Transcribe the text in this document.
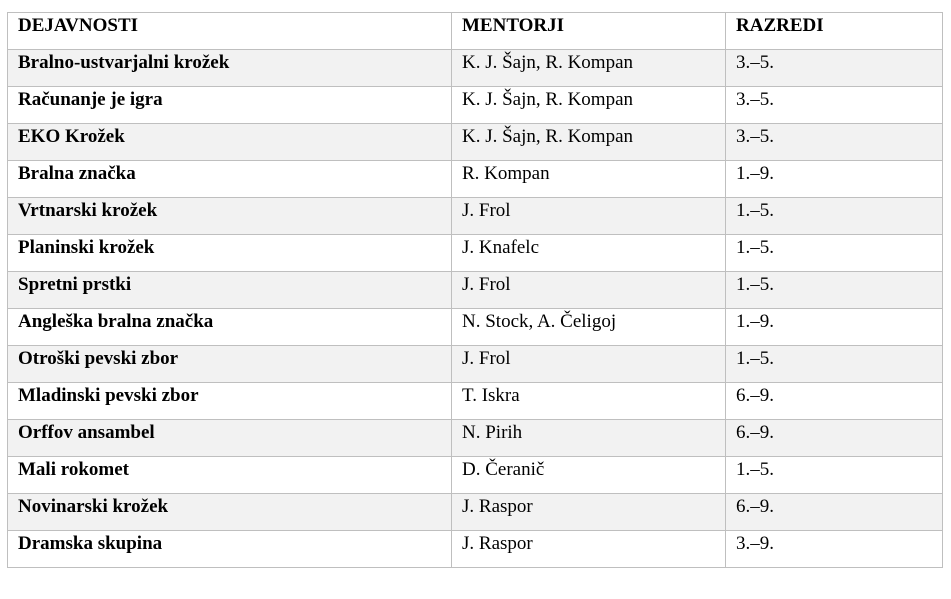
DEJAVNOSTI	MENTORJI	RAZREDI
Bralno-ustvarjalni krožek	K. J. Šajn, R. Kompan	3.–5.
Računanje je igra	K. J. Šajn, R. Kompan	3.–5.
EKO Krožek	K. J. Šajn, R. Kompan	3.–5.
Bralna značka	R. Kompan	1.–9.
Vrtnarski krožek	J. Frol	1.–5.
Planinski krožek	J. Knafelc	1.–5.
Spretni prstki	J. Frol	1.–5.
Angleška bralna značka	N. Stock, A. Čeligoj	1.–9.
Otroški pevski zbor	J. Frol	1.–5.
Mladinski pevski zbor	T. Iskra	6.–9.
Orffov ansambel	N. Pirih	6.–9.
Mali rokomet	D. Čeranič	1.–5.
Novinarski krožek	J. Raspor	6.–9.
Dramska skupina	J. Raspor	3.–9.
